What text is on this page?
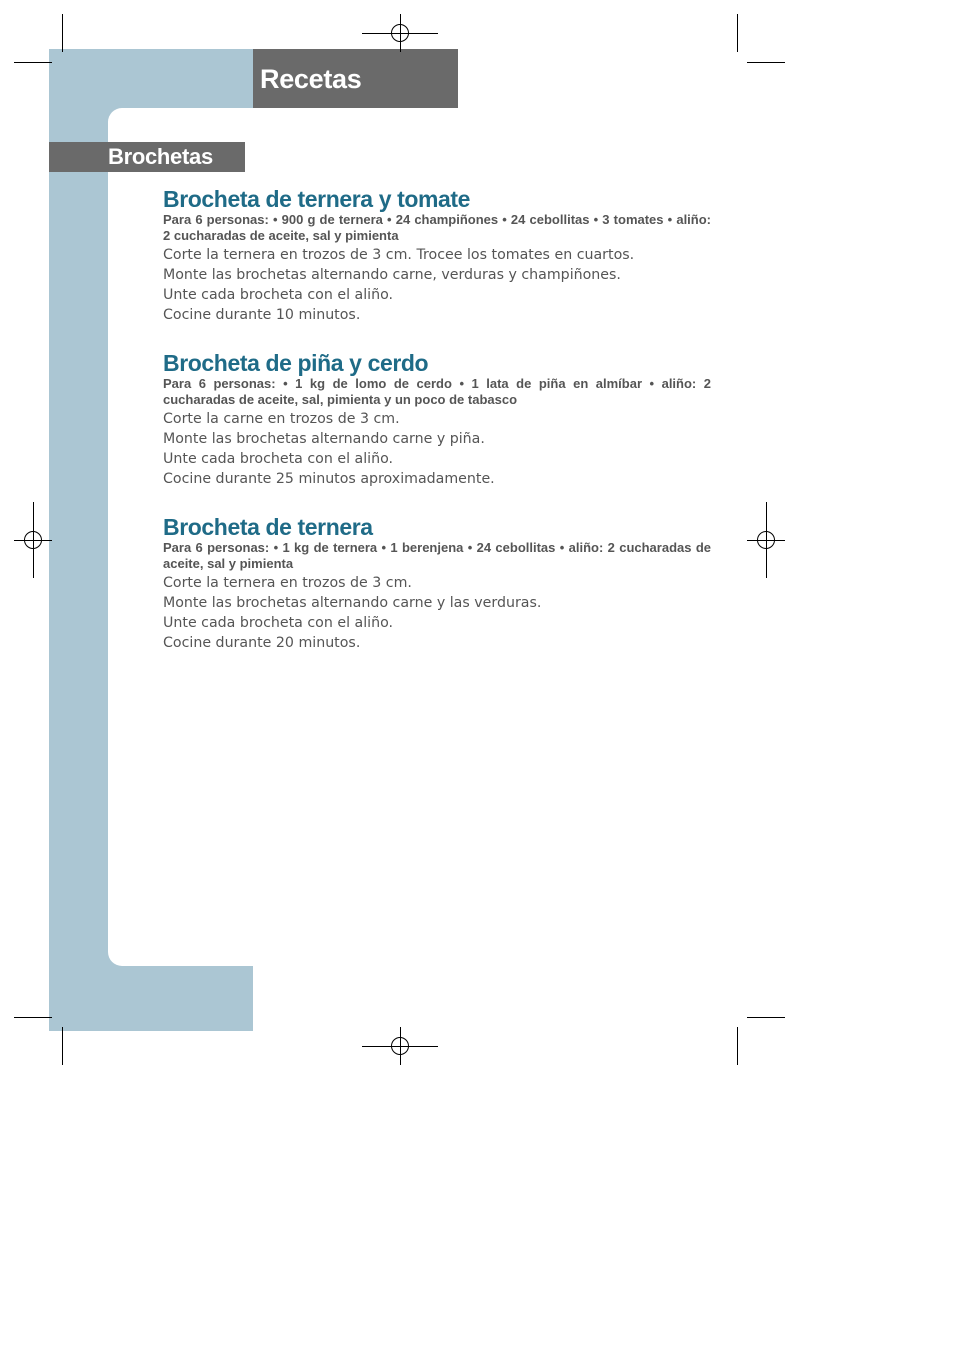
Recetas
Brochetas
Brocheta de ternera y tomate

Para 6 personas: • 900 g de ternera • 24 champiñones • 24 cebollitas • 3 tomates • aliño: 2 cucharadas de aceite, sal y pimienta

Corte la ternera en trozos de 3 cm. Trocee los tomates en cuartos.

Monte las brochetas alternando carne, verduras y champiñones.

Unte cada brocheta con el aliño.

Cocine durante 10 minutos.

Brocheta de piña y cerdo

Para 6 personas: • 1 kg de lomo de cerdo • 1 lata de piña en almíbar • aliño: 2 cucharadas de aceite, sal, pimienta y un poco de tabasco

Corte la carne en trozos de 3 cm.

Monte las brochetas alternando carne y piña.

Unte cada brocheta con el aliño.

Cocine durante 25 minutos aproximadamente.

Brocheta de ternera

Para 6 personas: • 1 kg de ternera • 1 berenjena • 24 cebollitas • aliño: 2 cucharadas de aceite, sal y pimienta

Corte la ternera en trozos de 3 cm.

Monte las brochetas alternando carne y las verduras.

Unte cada brocheta con el aliño.

Cocine durante 20 minutos.
